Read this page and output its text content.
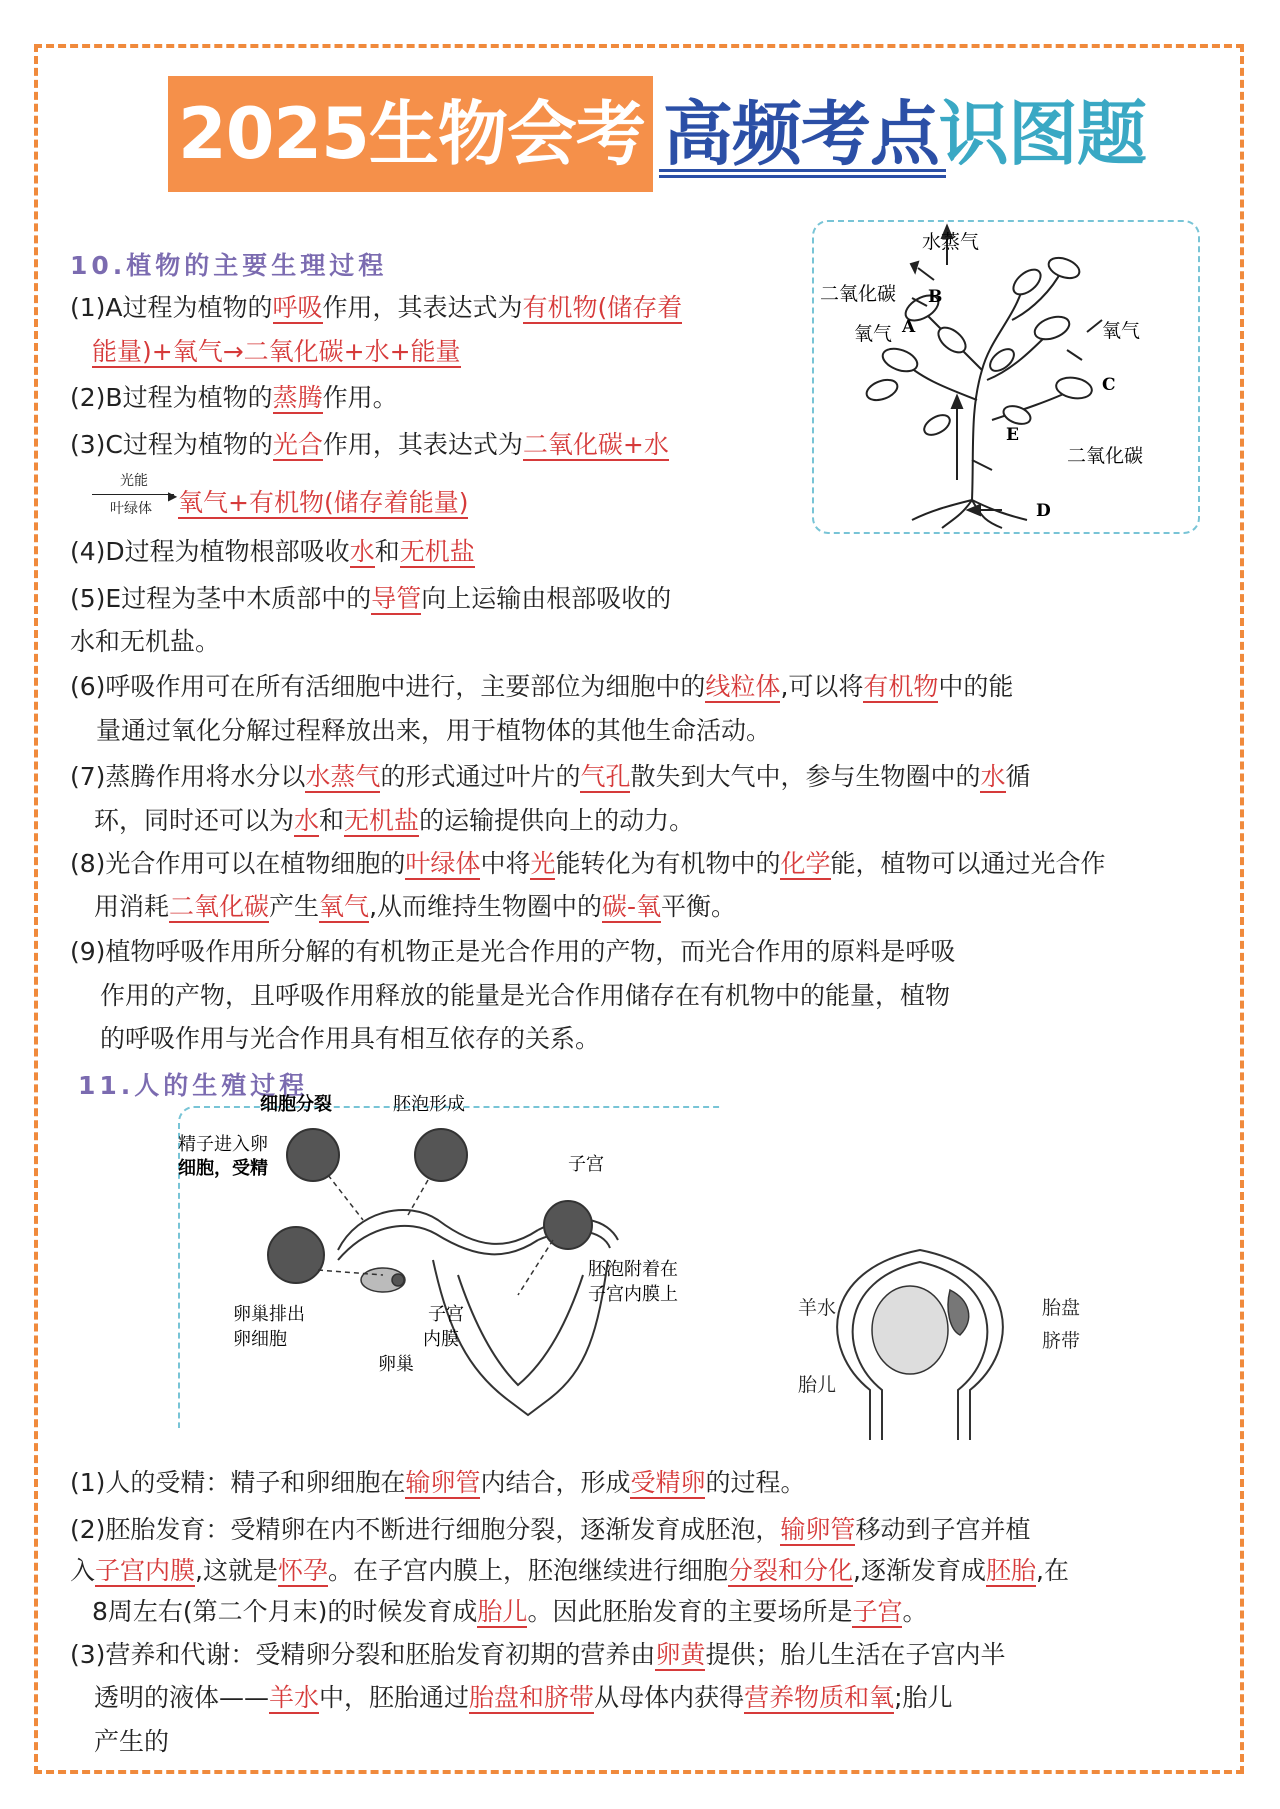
2025生物会考 高频考点识图题
10.植物的主要生理过程
(1)A过程为植物的呼吸作用，其表达式为有机物(储存着
能量)+氧气→二氧化碳+水+能量
(2)B过程为植物的蒸腾作用。
(3)C过程为植物的光合作用，其表达式为二氧化碳+水
光能
▶
叶绿体 氧气+有机物(储存着能量)
(4)D过程为植物根部吸收水和无机盐
(5)E过程为茎中木质部中的导管向上运输由根部吸收的
水和无机盐。
(6)呼吸作用可在所有活细胞中进行，主要部位为细胞中的线粒体,可以将有机物中的能
量通过氧化分解过程释放出来，用于植物体的其他生命活动。
(7)蒸腾作用将水分以水蒸气的形式通过叶片的气孔散失到大气中，参与生物圈中的水循
环，同时还可以为水和无机盐的运输提供向上的动力。
(8)光合作用可以在植物细胞的叶绿体中将光能转化为有机物中的化学能，植物可以通过光合作
用消耗二氧化碳产生氧气,从而维持生物圈中的碳-氧平衡。
(9)植物呼吸作用所分解的有机物正是光合作用的产物，而光合作用的原料是呼吸
作用的产物，且呼吸作用释放的能量是光合作用储存在有机物中的能量，植物
的呼吸作用与光合作用具有相互依存的关系。
水蒸气
二氧化碳 B
氧气 A	氧气
C
E
二氧化碳
D
11.人的生殖过程
细胞分裂	胚泡形成
精子进入卵
细胞，受精	子宫
胚泡附着在
子宫内膜上
卵巢排出
卵细胞
子宫
内膜
卵巢
羊水	胎盘
脐带
胎儿
(1)人的受精：精子和卵细胞在输卵管内结合，形成受精卵的过程。
(2)胚胎发育：受精卵在内不断进行细胞分裂，逐渐发育成胚泡，输卵管移动到子宫并植
入子宫内膜,这就是怀孕。在子宫内膜上，胚泡继续进行细胞分裂和分化,逐渐发育成胚胎,在
8周左右(第二个月末)的时候发育成胎儿。因此胚胎发育的主要场所是子宫。
(3)营养和代谢：受精卵分裂和胚胎发育初期的营养由卵黄提供；胎儿生活在子宫内半
透明的液体——羊水中，胚胎通过胎盘和脐带从母体内获得营养物质和氧;胎儿
产生的
